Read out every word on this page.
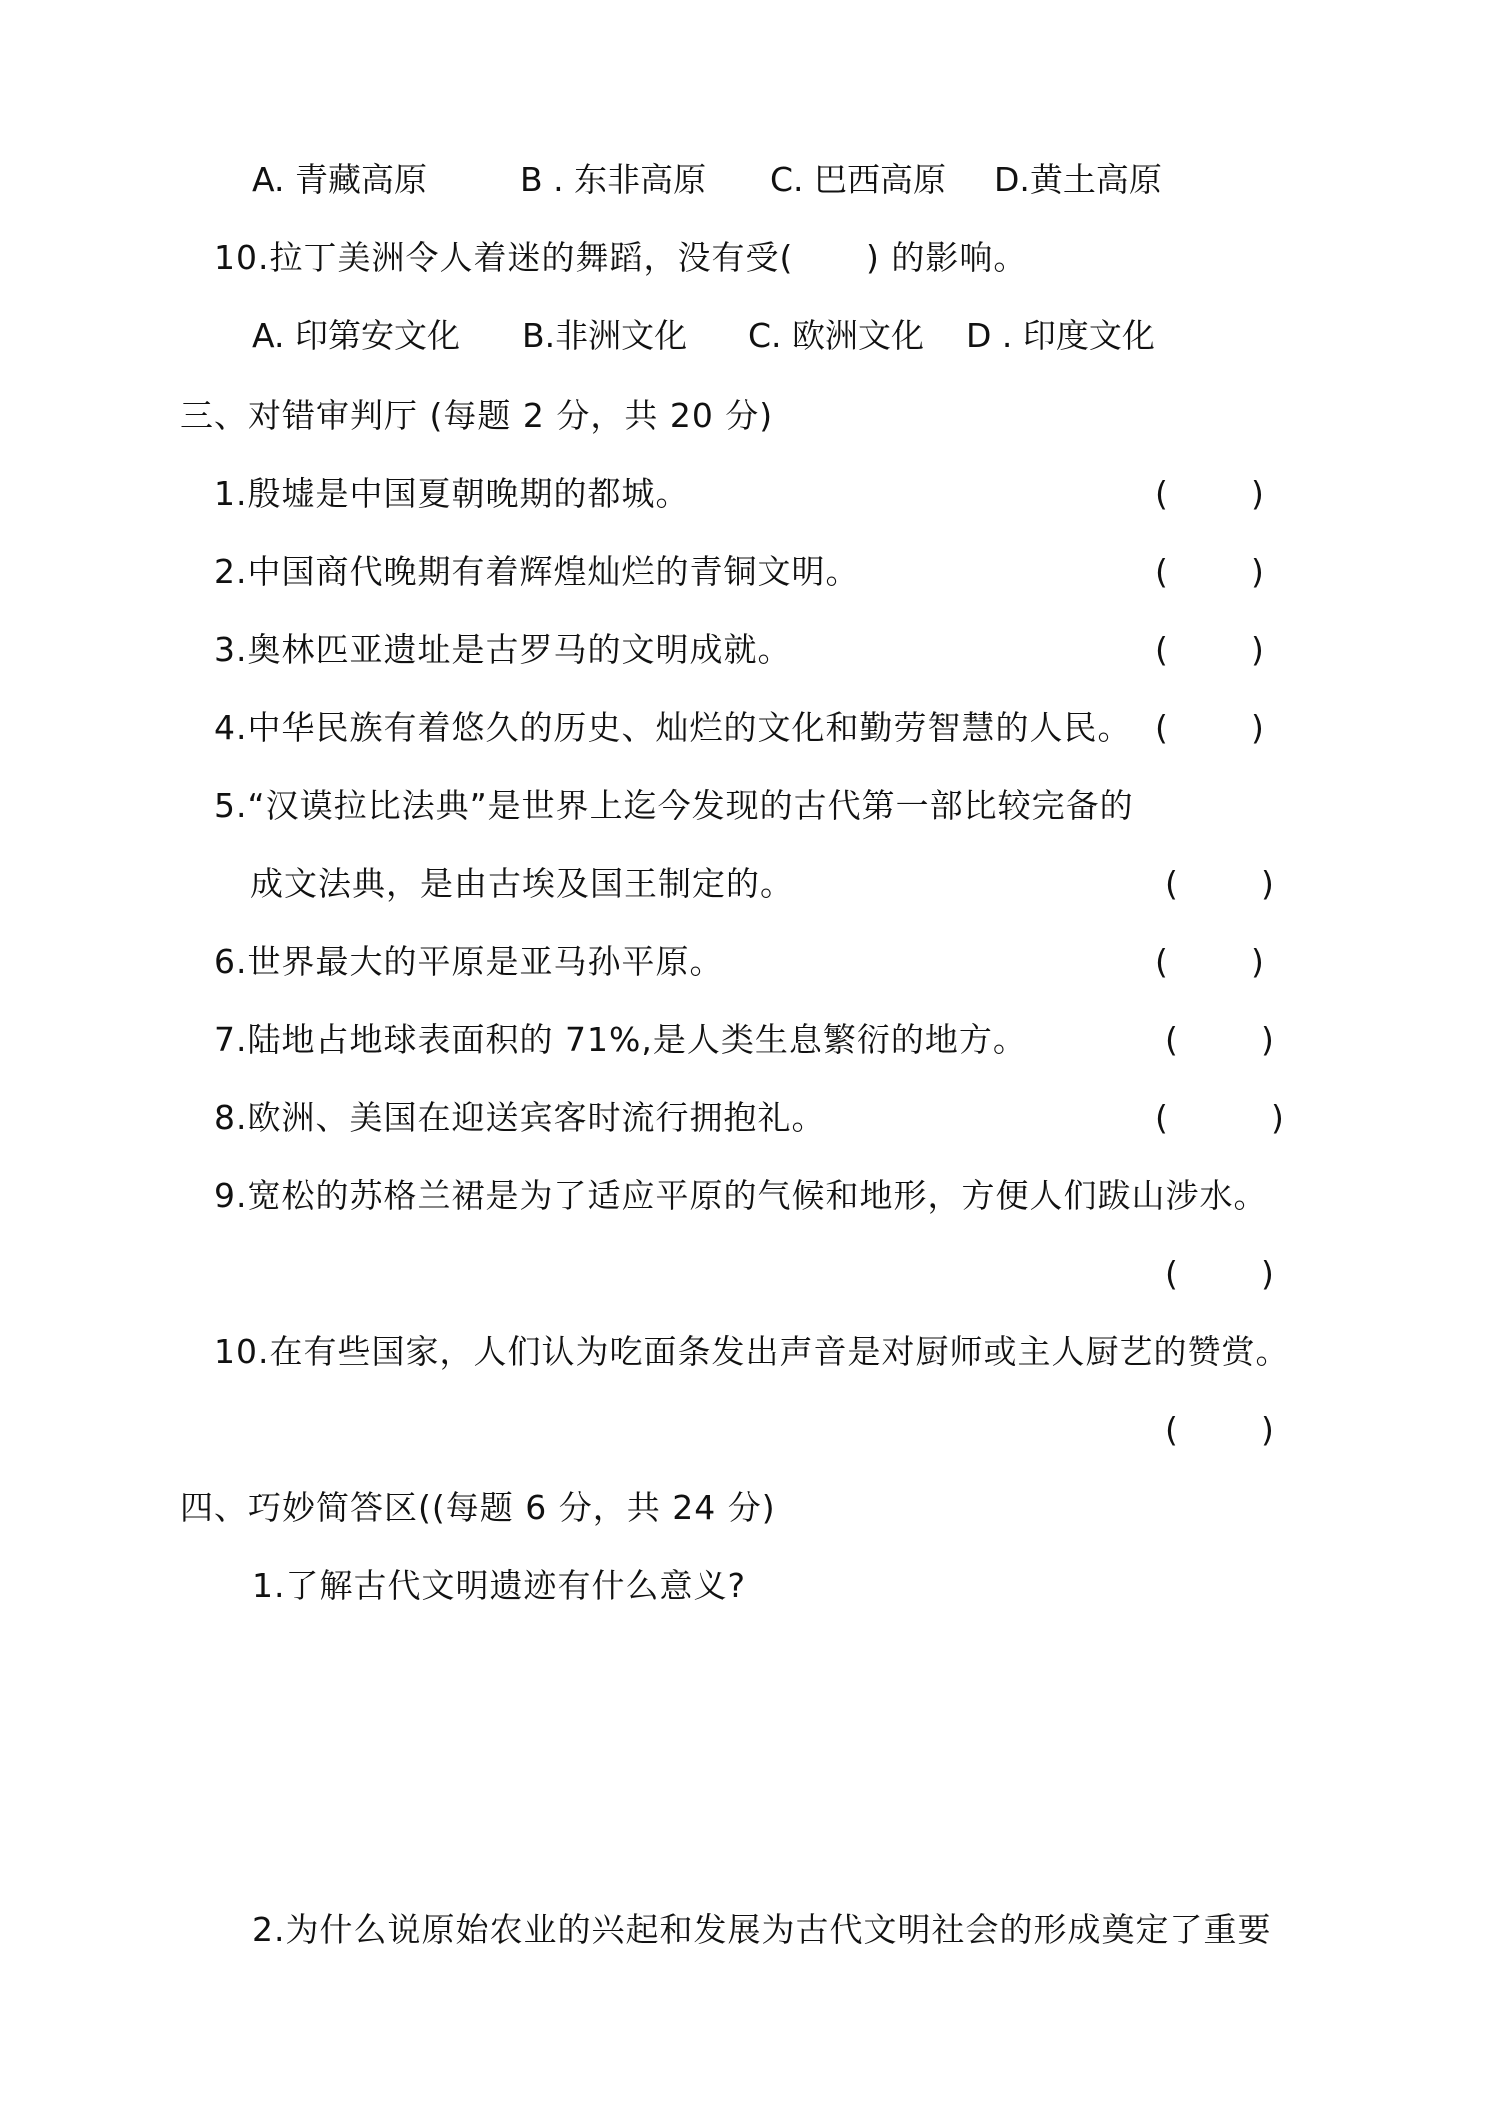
A. 青藏高原	B . 东非高原 C. 巴西高原 D.黄土高原
10.拉丁美洲令人着迷的舞蹈，没有受( ) 的影响。
A. 印第安文化 B.非洲文化 C. 欧洲文化 D . 印度文化
三、对错审判厅 (每题 2 分，共 20 分)
1.殷墟是中国夏朝晚期的都城。	(	)
2.中国商代晚期有着辉煌灿烂的青铜文明。	(	)
3.奥林匹亚遗址是古罗马的文明成就。	(	)
4.中华民族有着悠久的历史、灿烂的文化和勤劳智慧的人民。 (	)
5.“汉谟拉比法典”是世界上迄今发现的古代第一部比较完备的
成文法典，是由古埃及国王制定的。	(	)
6.世界最大的平原是亚马孙平原。	(	)
7.陆地占地球表面积的 71%,是人类生息繁衍的地方。	(	)
8.欧洲、美国在迎送宾客时流行拥抱礼。	(	)
9.宽松的苏格兰裙是为了适应平原的气候和地形，方便人们跋山涉水。
(	)
10.在有些国家，人们认为吃面条发出声音是对厨师或主人厨艺的赞赏。
(	)
四、巧妙简答区((每题 6 分，共 24 分)
1.了解古代文明遗迹有什么意义?
2.为什么说原始农业的兴起和发展为古代文明社会的形成奠定了重要
